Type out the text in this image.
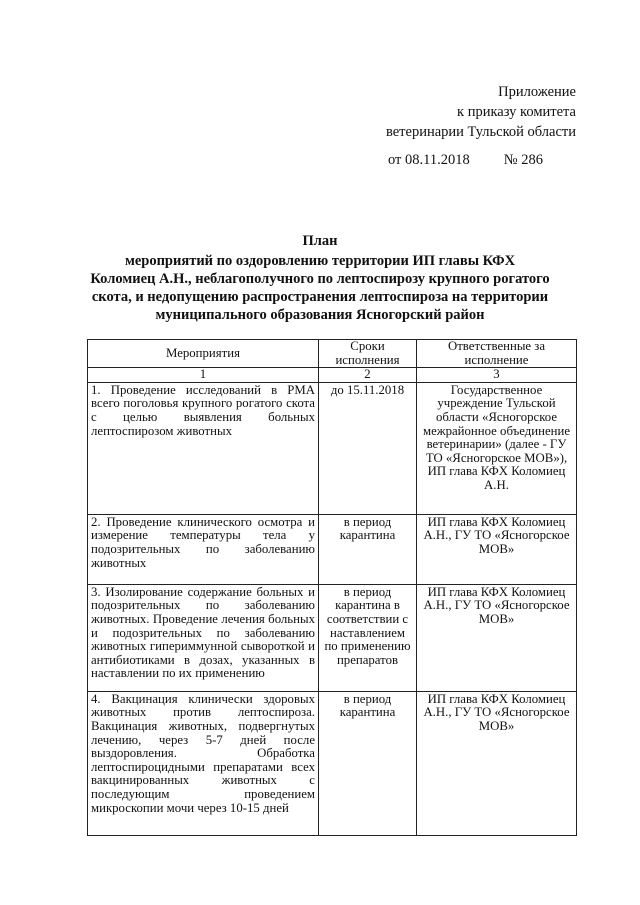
Приложение
к приказу комитета
ветеринарии Тульской области
от 08.11.2018 № 286
План
мероприятий по оздоровлению территории ИП главы КФХ
Коломиец А.Н., неблагополучного по лептоспирозу крупного рогатого
скота, и недопущению распространения лептоспироза на территории
муниципального образования Ясногорский район
Мероприятия	Сроки исполнения	Ответственные за исполнение
1	2	3
1. Проведение исследований в РМА всего поголовья крупного рогатого скота с целью выявления больных лептоспирозом животных	до 15.11.2018	Государственное учреждение Тульской области «Ясногорское межрайонное объединение ветеринарии» (далее - ГУ ТО «Ясногорское МОВ»), ИП глава КФХ Коломиец А.Н.
2. Проведение клинического осмотра и измерение температуры тела у подозрительных по заболеванию животных	в период карантина	ИП глава КФХ Коломиец А.Н., ГУ ТО «Ясногорское МОВ»
3. Изолирование содержание больных и подозрительных по заболеванию животных. Проведение лечения больных и подозрительных по заболеванию животных гипериммунной сывороткой и антибиотиками в дозах, указанных в наставлении по их применению	в период карантина в соответствии с наставлением по применению препаратов	ИП глава КФХ Коломиец А.Н., ГУ ТО «Ясногорское МОВ»
4. Вакцинация клинически здоровых животных против лептоспироза. Вакцинация животных, подвергнутых лечению, через 5-7 дней после выздоровления. Обработка лептоспироцидными препаратами всех вакцинированных животных с последующим проведением микроскопии мочи через 10-15 дней	в период карантина	ИП глава КФХ Коломиец А.Н., ГУ ТО «Ясногорское МОВ»
